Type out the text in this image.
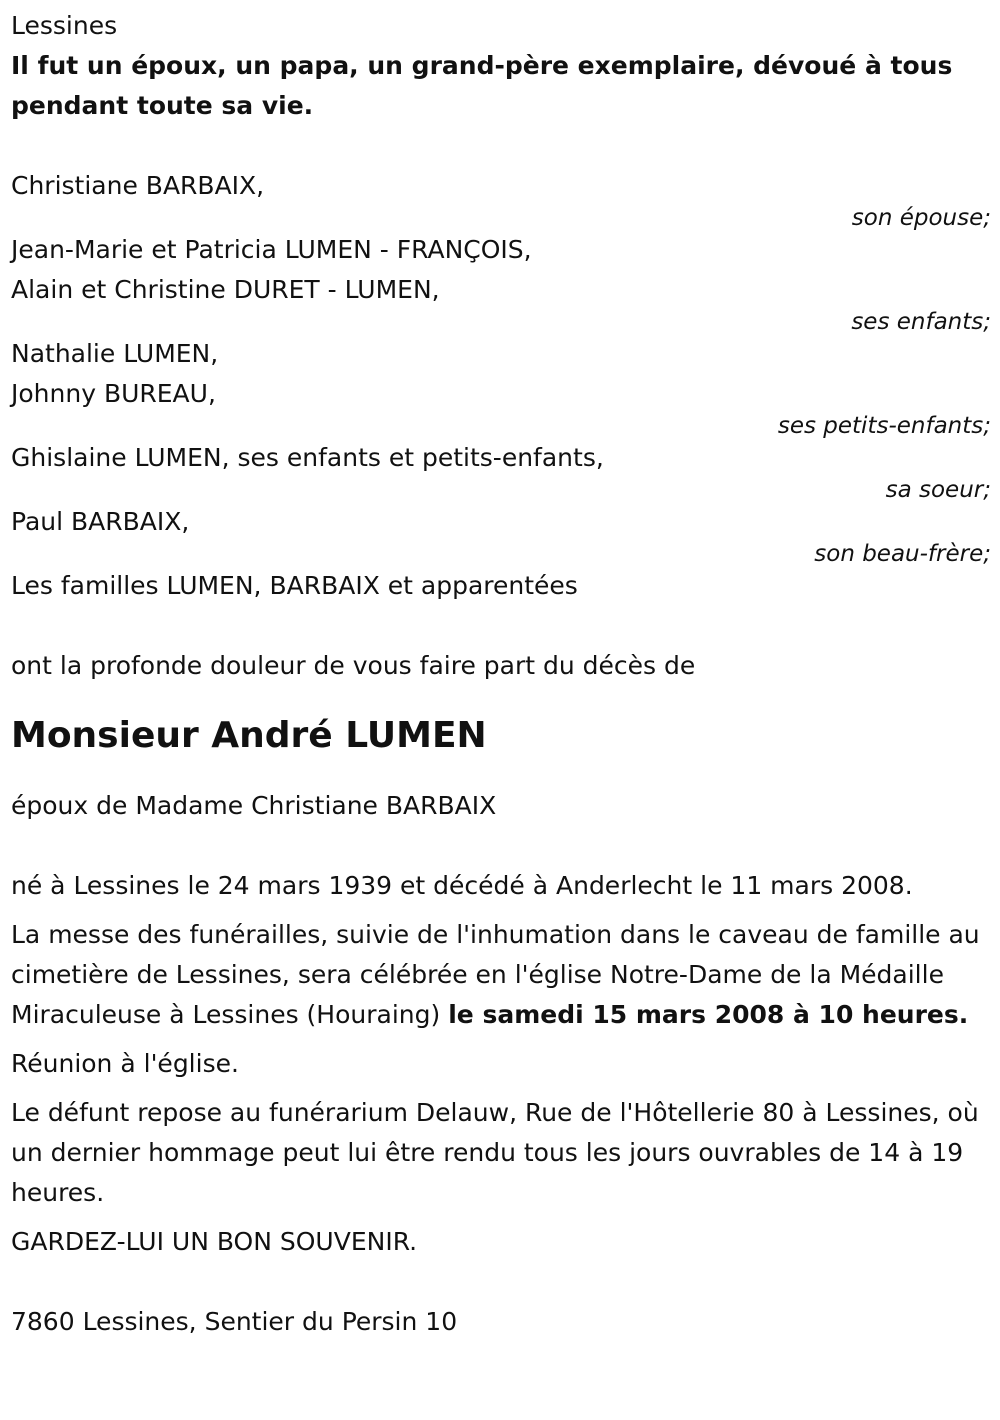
Lessines

Il fut un époux, un papa, un grand-père exemplaire, dévoué à tous pendant toute sa vie.

Christiane BARBAIX,

son épouse;

Jean-Marie et Patricia LUMEN - FRANÇOIS,

Alain et Christine DURET - LUMEN,

ses enfants;

Nathalie LUMEN,

Johnny BUREAU,

ses petits-enfants;

Ghislaine LUMEN, ses enfants et petits-enfants,

sa soeur;

Paul BARBAIX,

son beau-frère;

Les familles LUMEN, BARBAIX et apparentées

ont la profonde douleur de vous faire part du décès de

Monsieur André LUMEN

époux de Madame Christiane BARBAIX

né à Lessines le 24 mars 1939 et décédé à Anderlecht le 11 mars 2008.

La messe des funérailles, suivie de l'inhumation dans le caveau de famille au cimetière de Lessines, sera célébrée en l'église Notre-Dame de la Médaille Miraculeuse à Lessines (Houraing) le samedi 15 mars 2008 à 10 heures.

Réunion à l'église.

Le défunt repose au funérarium Delauw, Rue de l'Hôtellerie 80 à Lessines, où un dernier hommage peut lui être rendu tous les jours ouvrables de 14 à 19 heures.

GARDEZ-LUI UN BON SOUVENIR.

7860 Lessines, Sentier du Persin 10
